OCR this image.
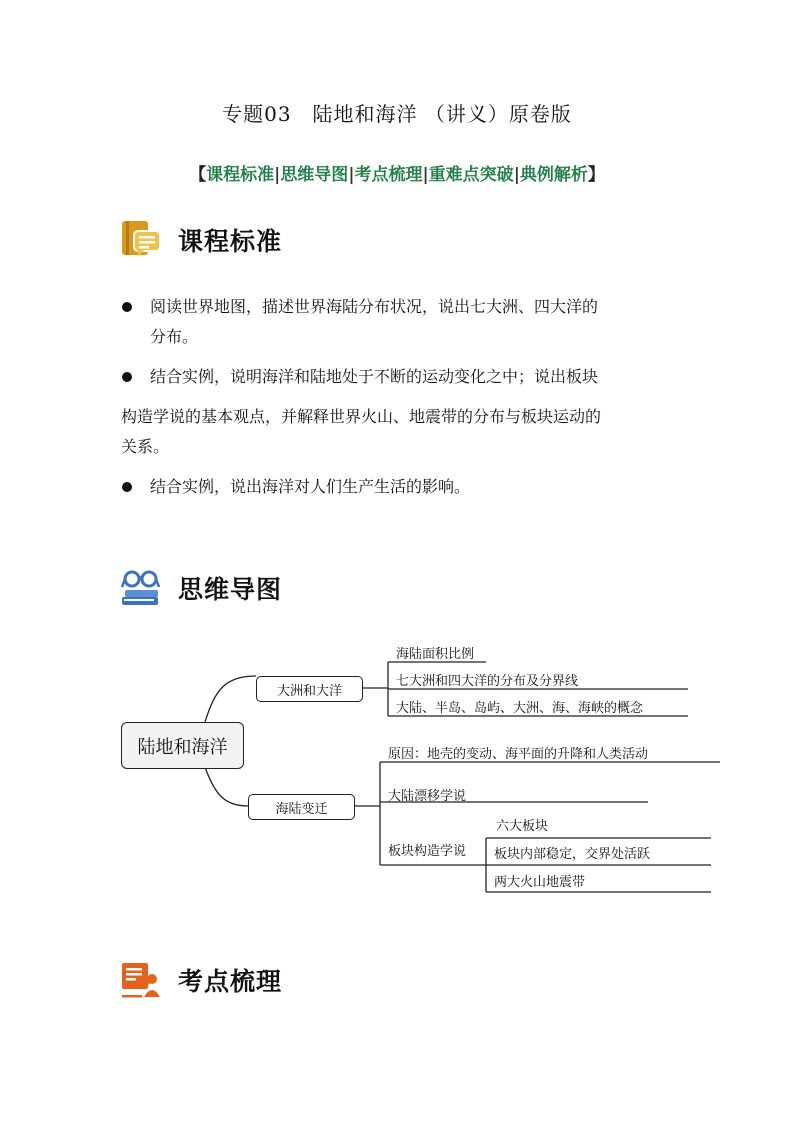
专题03　陆地和海洋 （讲义）原卷版
【课程标准|思维导图|考点梳理|重难点突破|典例解析】
课程标准
阅读世界地图，描述世界海陆分布状况，说出七大洲、四大洋的
分布。
结合实例，说明海洋和陆地处于不断的运动变化之中；说出板块
构造学说的基本观点，并解释世界火山、地震带的分布与板块运动的
关系。
结合实例，说出海洋对人们生产生活的影响。
思维导图
陆地和海洋
大洲和大洋
海陆变迁
海陆面积比例
七大洲和四大洋的分布及分界线
大陆、半岛、岛屿、大洲、海、海峡的概念
原因：地壳的变动、海平面的升降和人类活动
大陆漂移学说
板块构造学说
六大板块
板块内部稳定，交界处活跃
两大火山地震带
考点梳理
